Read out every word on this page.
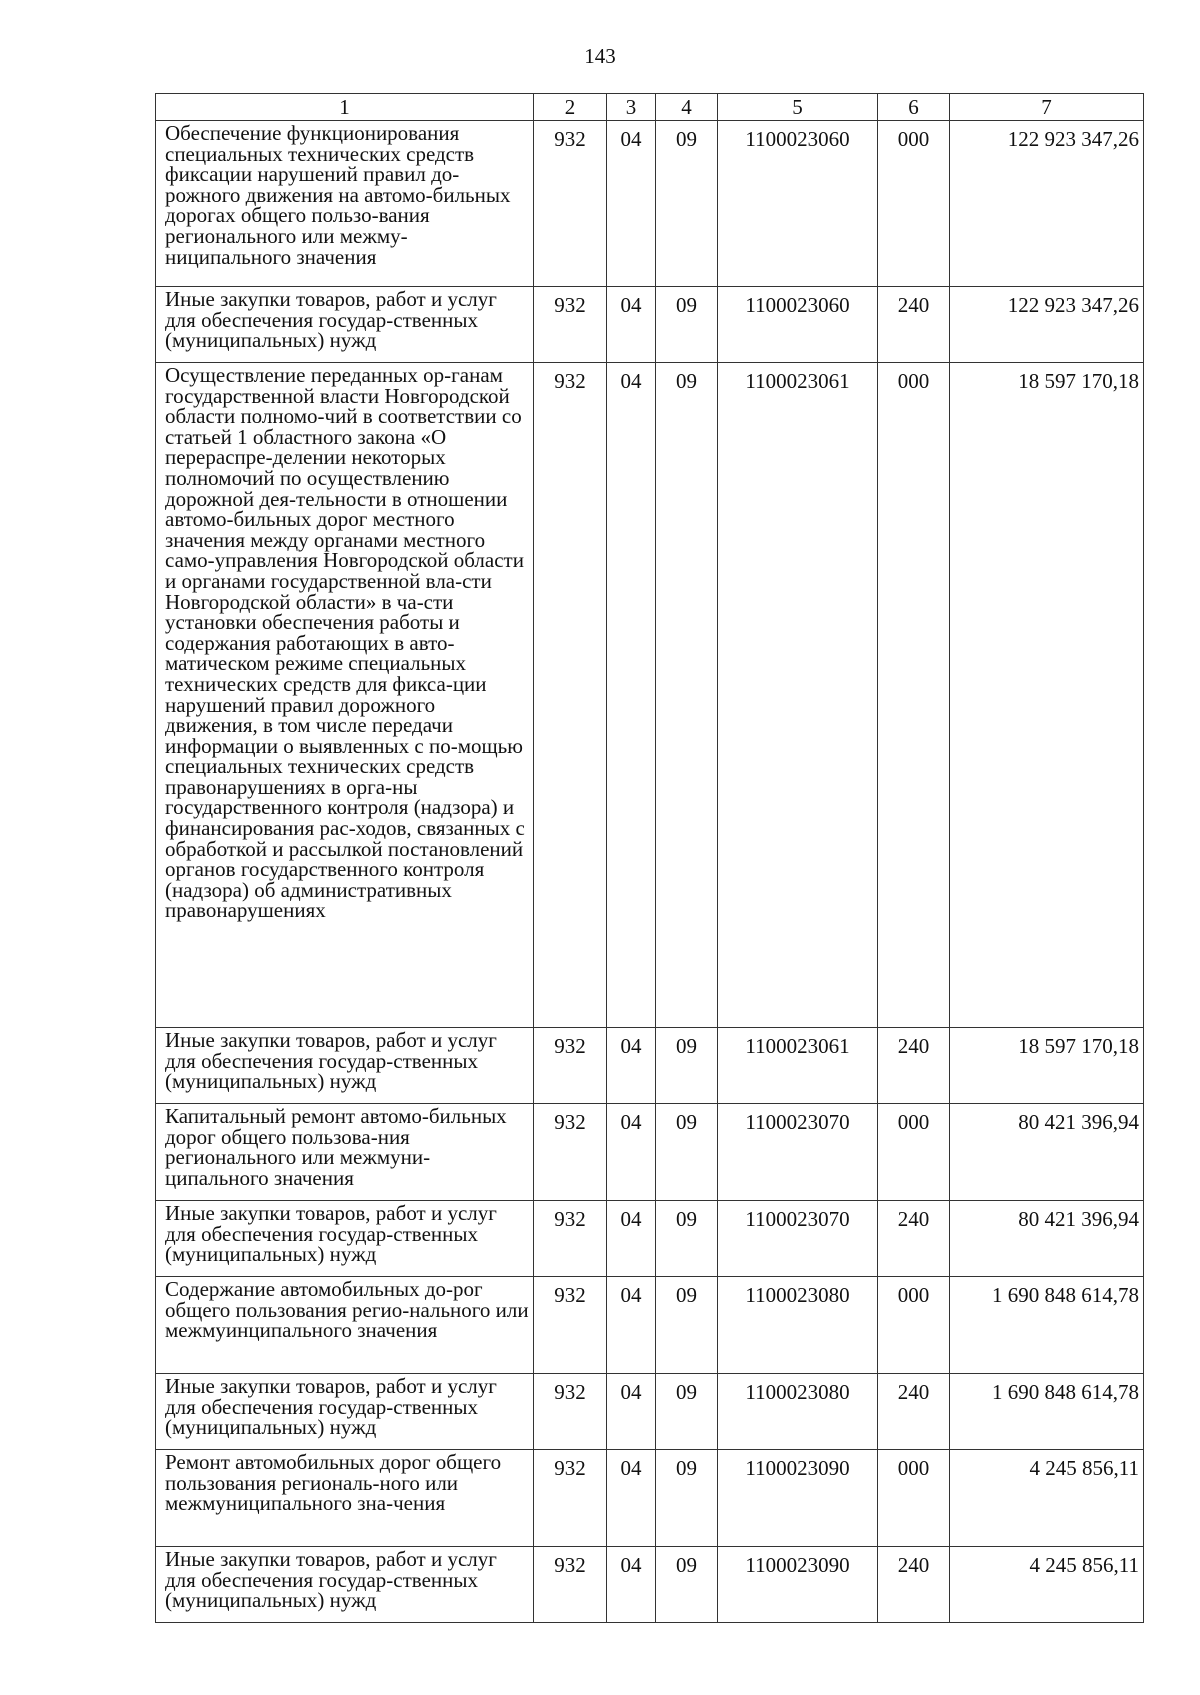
143
1	2	3	4	5	6	7
Обеспечение функционирования специальных технических средств фиксации нарушений правил до-рожного движения на автомо-бильных дорогах общего пользо-вания регионального или межму-ниципального значения	932	04	09	1100023060	000	122 923 347,26
Иные закупки товаров, работ и услуг для обеспечения государ-ственных (муниципальных) нужд	932	04	09	1100023060	240	122 923 347,26
Осуществление переданных ор-ганам государственной власти Новгородской области полномо-чий в соответствии со статьей 1 областного закона «О перераспре-делении некоторых полномочий по осуществлению дорожной дея-тельности в отношении автомо-бильных дорог местного значения между органами местного само-управления Новгородской области и органами государственной вла-сти Новгородской области» в ча-сти установки обеспечения работы и содержания работающих в авто-матическом режиме специальных технических средств для фикса-ции нарушений правил дорожного движения, в том числе передачи информации о выявленных с по-мощью специальных технических средств правонарушениях в орга-ны государственного контроля (надзора) и финансирования рас-ходов, связанных с обработкой и рассылкой постановлений органов государственного контроля (надзора) об административных правонарушениях	932	04	09	1100023061	000	18 597 170,18
Иные закупки товаров, работ и услуг для обеспечения государ-ственных (муниципальных) нужд	932	04	09	1100023061	240	18 597 170,18
Капитальный ремонт автомо-бильных дорог общего пользова-ния регионального или межмуни-ципального значения	932	04	09	1100023070	000	80 421 396,94
Иные закупки товаров, работ и услуг для обеспечения государ-ственных (муниципальных) нужд	932	04	09	1100023070	240	80 421 396,94
Содержание автомобильных до-рог общего пользования регио-нального или межмуинципального значения	932	04	09	1100023080	000	1 690 848 614,78
Иные закупки товаров, работ и услуг для обеспечения государ-ственных (муниципальных) нужд	932	04	09	1100023080	240	1 690 848 614,78
Ремонт автомобильных дорог общего пользования региональ-ного или межмуниципального зна-чения	932	04	09	1100023090	000	4 245 856,11
Иные закупки товаров, работ и услуг для обеспечения государ-ственных (муниципальных) нужд	932	04	09	1100023090	240	4 245 856,11
